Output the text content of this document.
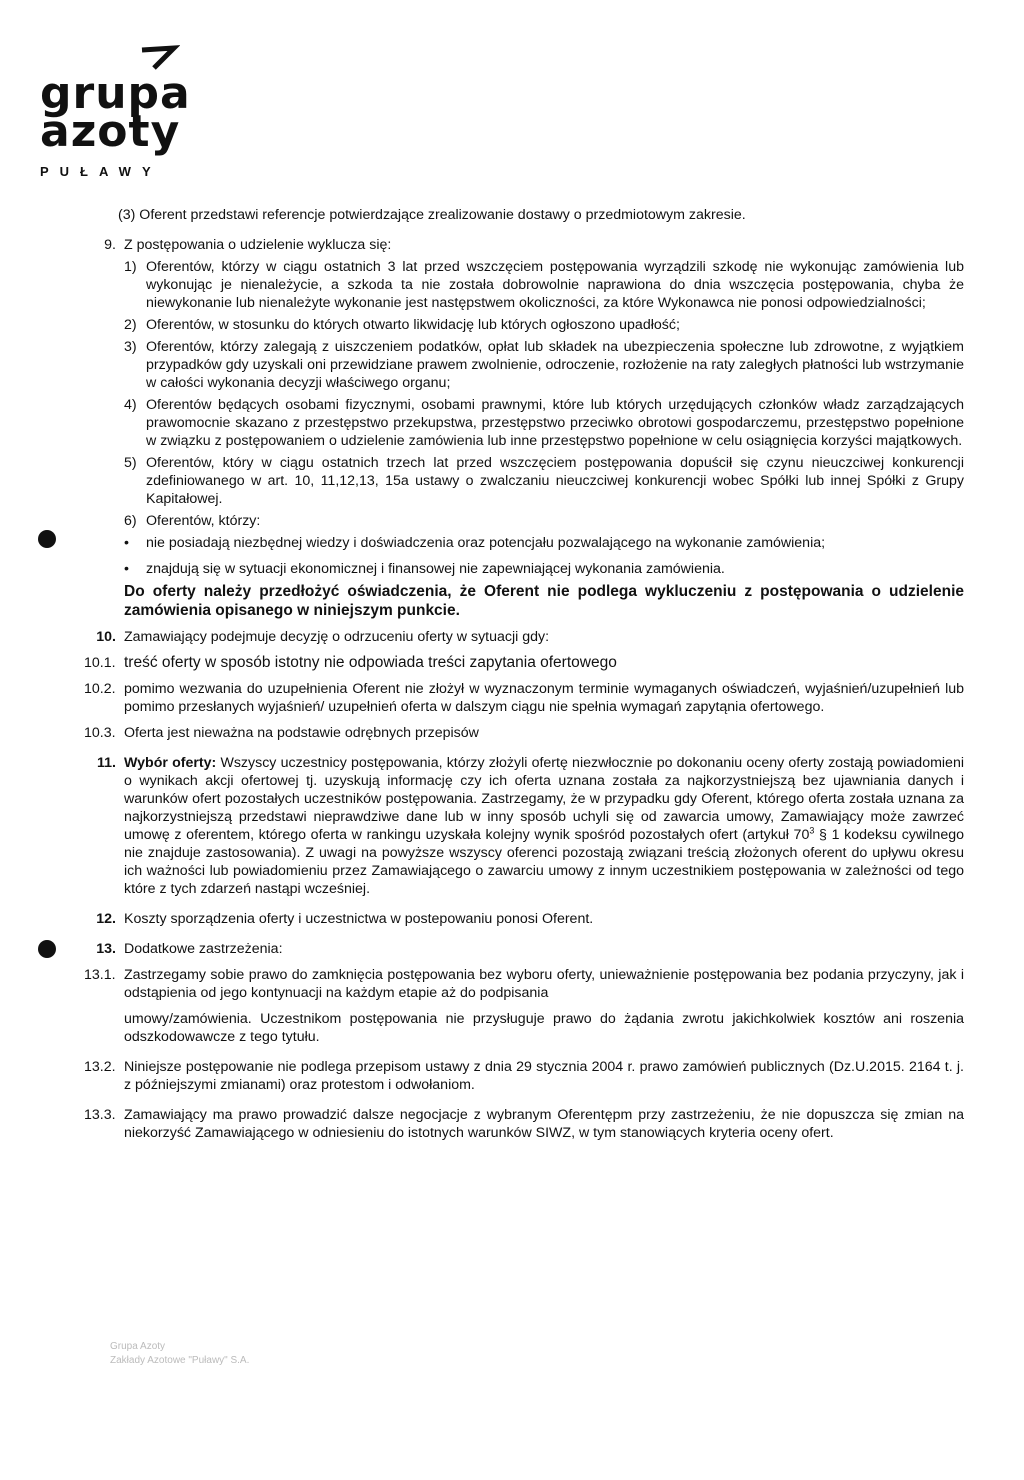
grupa
azoty
PUŁAWY
(3) Oferent przedstawi referencje potwierdzające zrealizowanie dostawy o przedmiotowym zakresie.
9. Z postępowania o udzielenie wyklucza się:
1) Oferentów, którzy w ciągu ostatnich 3 lat przed wszczęciem postępowania wyrządzili szkodę nie wykonując zamówienia lub wykonując je nienależycie, a szkoda ta nie została dobrowolnie naprawiona do dnia wszczęcia postępowania, chyba że niewykonanie lub nienależyte wykonanie jest następstwem okoliczności, za które Wykonawca nie ponosi odpowiedzialności;
2) Oferentów, w stosunku do których otwarto likwidację lub których ogłoszono upadłość;
3) Oferentów, którzy zalegają z uiszczeniem podatków, opłat lub składek na ubezpieczenia społeczne lub zdrowotne, z wyjątkiem przypadków gdy uzyskali oni przewidziane prawem zwolnienie, odroczenie, rozłożenie na raty zaległych płatności lub wstrzymanie w całości wykonania decyzji właściwego organu;
4) Oferentów będących osobami fizycznymi, osobami prawnymi, które lub których urzędujących członków władz zarządzających prawomocnie skazano z przestępstwo przekupstwa, przestępstwo przeciwko obrotowi gospodarczemu, przestępstwo popełnione w związku z postępowaniem o udzielenie zamówienia lub inne przestępstwo popełnione w celu osiągnięcia korzyści majątkowych.
5) Oferentów, który w ciągu ostatnich trzech lat przed wszczęciem postępowania dopuścił się czynu nieuczciwej konkurencji zdefiniowanego w art. 10, 11,12,13, 15a ustawy o zwalczaniu nieuczciwej konkurencji wobec Spółki lub innej Spółki z Grupy Kapitałowej.
6) Oferentów, którzy:
•	nie posiadają niezbędnej wiedzy i doświadczenia oraz potencjału pozwalającego na wykonanie zamówienia;
•	znajdują się w sytuacji ekonomicznej i finansowej nie zapewniającej wykonania zamówienia.
Do oferty należy przedłożyć oświadczenia, że Oferent nie podlega wykluczeniu z postępowania o udzielenie zamówienia opisanego w niniejszym punkcie.
10. Zamawiający podejmuje decyzję o odrzuceniu oferty w sytuacji gdy:
10.1. treść oferty w sposób istotny nie odpowiada treści zapytania ofertowego
10.2. pomimo wezwania do uzupełnienia Oferent nie złożył w wyznaczonym terminie wymaganych oświadczeń, wyjaśnień/uzupełnień lub pomimo przesłanych wyjaśnień/ uzupełnień oferta w dalszym ciągu nie spełnia wymagań zapytąnia ofertowego.
10.3. Oferta jest nieważna na podstawie odrębnych przepisów
11. Wybór oferty: Wszyscy uczestnicy postępowania, którzy złożyli ofertę niezwłocznie po dokonaniu oceny oferty zostają powiadomieni o wynikach akcji ofertowej tj. uzyskują informację czy ich oferta uznana została za najkorzystniejszą bez ujawniania danych i warunków ofert pozostałych uczestników postępowania. Zastrzegamy, że w przypadku gdy Oferent, którego oferta została uznana za najkorzystniejszą przedstawi nieprawdziwe dane lub w inny sposób uchyli się od zawarcia umowy, Zamawiający może zawrzeć umowę z oferentem, którego oferta w rankingu uzyskała kolejny wynik spośród pozostałych ofert (artykuł $70^3$ § 1 kodeksu cywilnego nie znajduje zastosowania). Z uwagi na powyższe wszyscy oferenci pozostają związani treścią złożonych oferent do upływu okresu ich ważności lub powiadomieniu przez Zamawiającego o zawarciu umowy z innym uczestnikiem postępowania w zależności od tego które z tych zdarzeń nastąpi wcześniej.
12. Koszty sporządzenia oferty i uczestnictwa w postepowaniu ponosi Oferent.
13. Dodatkowe zastrzeżenia:
13.1. Zastrzegamy sobie prawo do zamknięcia postępowania bez wyboru oferty, unieważnienie postępowania bez podania przyczyny, jak i odstąpienia od jego kontynuacji na każdym etapie aż do podpisania
umowy/zamówienia. Uczestnikom postępowania nie przysługuje prawo do żądania zwrotu jakichkolwiek kosztów ani roszenia odszkodowawcze z tego tytułu.
13.2. Niniejsze postępowanie nie podlega przepisom ustawy z dnia 29 stycznia 2004 r. prawo zamówień publicznych (Dz.U.2015. 2164 t. j. z późniejszymi zmianami) oraz protestom i odwołaniom.
13.3. Zamawiający ma prawo prowadzić dalsze negocjacje z wybranym Oferentępm przy zastrzeżeniu, że nie dopuszcza się zmian na niekorzyść Zamawiającego w odniesieniu do istotnych warunków SIWZ, w tym stanowiących kryteria oceny ofert.
Grupa Azoty
Zakłady Azotowe "Puławy" S.A.
